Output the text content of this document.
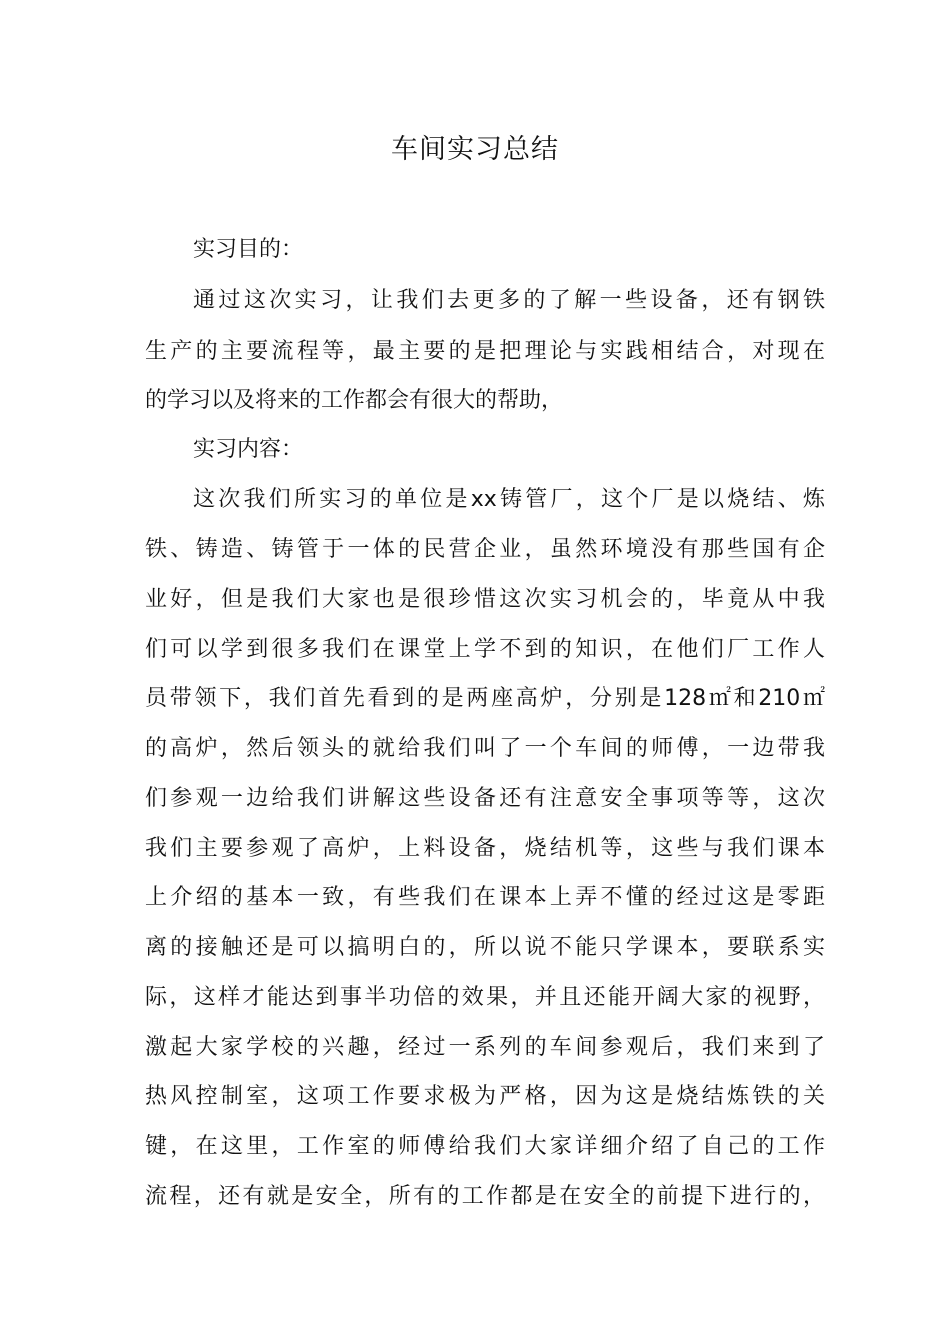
车间实习总结
实习目的：
通过这次实习，让我们去更多的了解一些设备，还有钢铁
生产的主要流程等，最主要的是把理论与实践相结合，对现在
的学习以及将来的工作都会有很大的帮助，
实习内容：
这次我们所实习的单位是xx铸管厂，这个厂是以烧结、炼
铁、铸造、铸管于一体的民营企业，虽然环境没有那些国有企
业好，但是我们大家也是很珍惜这次实习机会的，毕竟从中我
们可以学到很多我们在课堂上学不到的知识，在他们厂工作人
员带领下，我们首先看到的是两座高炉，分别是128㎡和210㎡
的高炉，然后领头的就给我们叫了一个车间的师傅，一边带我
们参观一边给我们讲解这些设备还有注意安全事项等等，这次
我们主要参观了高炉，上料设备，烧结机等，这些与我们课本
上介绍的基本一致，有些我们在课本上弄不懂的经过这是零距
离的接触还是可以搞明白的，所以说不能只学课本，要联系实
际，这样才能达到事半功倍的效果，并且还能开阔大家的视野，
激起大家学校的兴趣，经过一系列的车间参观后，我们来到了
热风控制室，这项工作要求极为严格，因为这是烧结炼铁的关
键，在这里，工作室的师傅给我们大家详细介绍了自己的工作
流程，还有就是安全，所有的工作都是在安全的前提下进行的，
